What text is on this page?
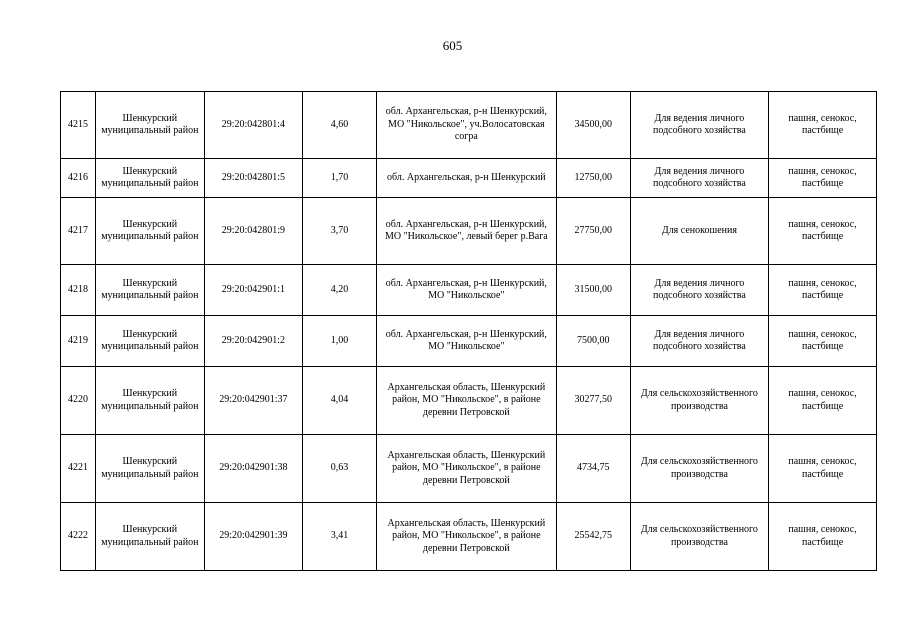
605
4215	Шенкурский муниципальный район	29:20:042801:4	4,60	обл. Архангельская, р-н Шенкурский, МО "Никольское", уч.Волосатовская согра	34500,00	Для ведения личного подсобного хозяйства	пашня, сенокос, пастбище
4216	Шенкурский муниципальный район	29:20:042801:5	1,70	обл. Архангельская, р-н Шенкурский	12750,00	Для ведения личного подсобного хозяйства	пашня, сенокос, пастбище
4217	Шенкурский муниципальный район	29:20:042801:9	3,70	обл. Архангельская, р-н Шенкурский, МО "Никольское", левый берег р.Вага	27750,00	Для сенокошения	пашня, сенокос, пастбище
4218	Шенкурский муниципальный район	29:20:042901:1	4,20	обл. Архангельская, р-н Шенкурский, МО "Никольское"	31500,00	Для ведения личного подсобного хозяйства	пашня, сенокос, пастбище
4219	Шенкурский муниципальный район	29:20:042901:2	1,00	обл. Архангельская, р-н Шенкурский, МО "Никольское"	7500,00	Для ведения личного подсобного хозяйства	пашня, сенокос, пастбище
4220	Шенкурский муниципальный район	29:20:042901:37	4,04	Архангельская область, Шенкурский район, МО "Никольское", в районе деревни Петровской	30277,50	Для сельскохозяйственного производства	пашня, сенокос, пастбище
4221	Шенкурский муниципальный район	29:20:042901:38	0,63	Архангельская область, Шенкурский район, МО "Никольское", в районе деревни Петровской	4734,75	Для сельскохозяйственного производства	пашня, сенокос, пастбище
4222	Шенкурский муниципальный район	29:20:042901:39	3,41	Архангельская область, Шенкурский район, МО "Никольское", в районе деревни Петровской	25542,75	Для сельскохозяйственного производства	пашня, сенокос, пастбище
